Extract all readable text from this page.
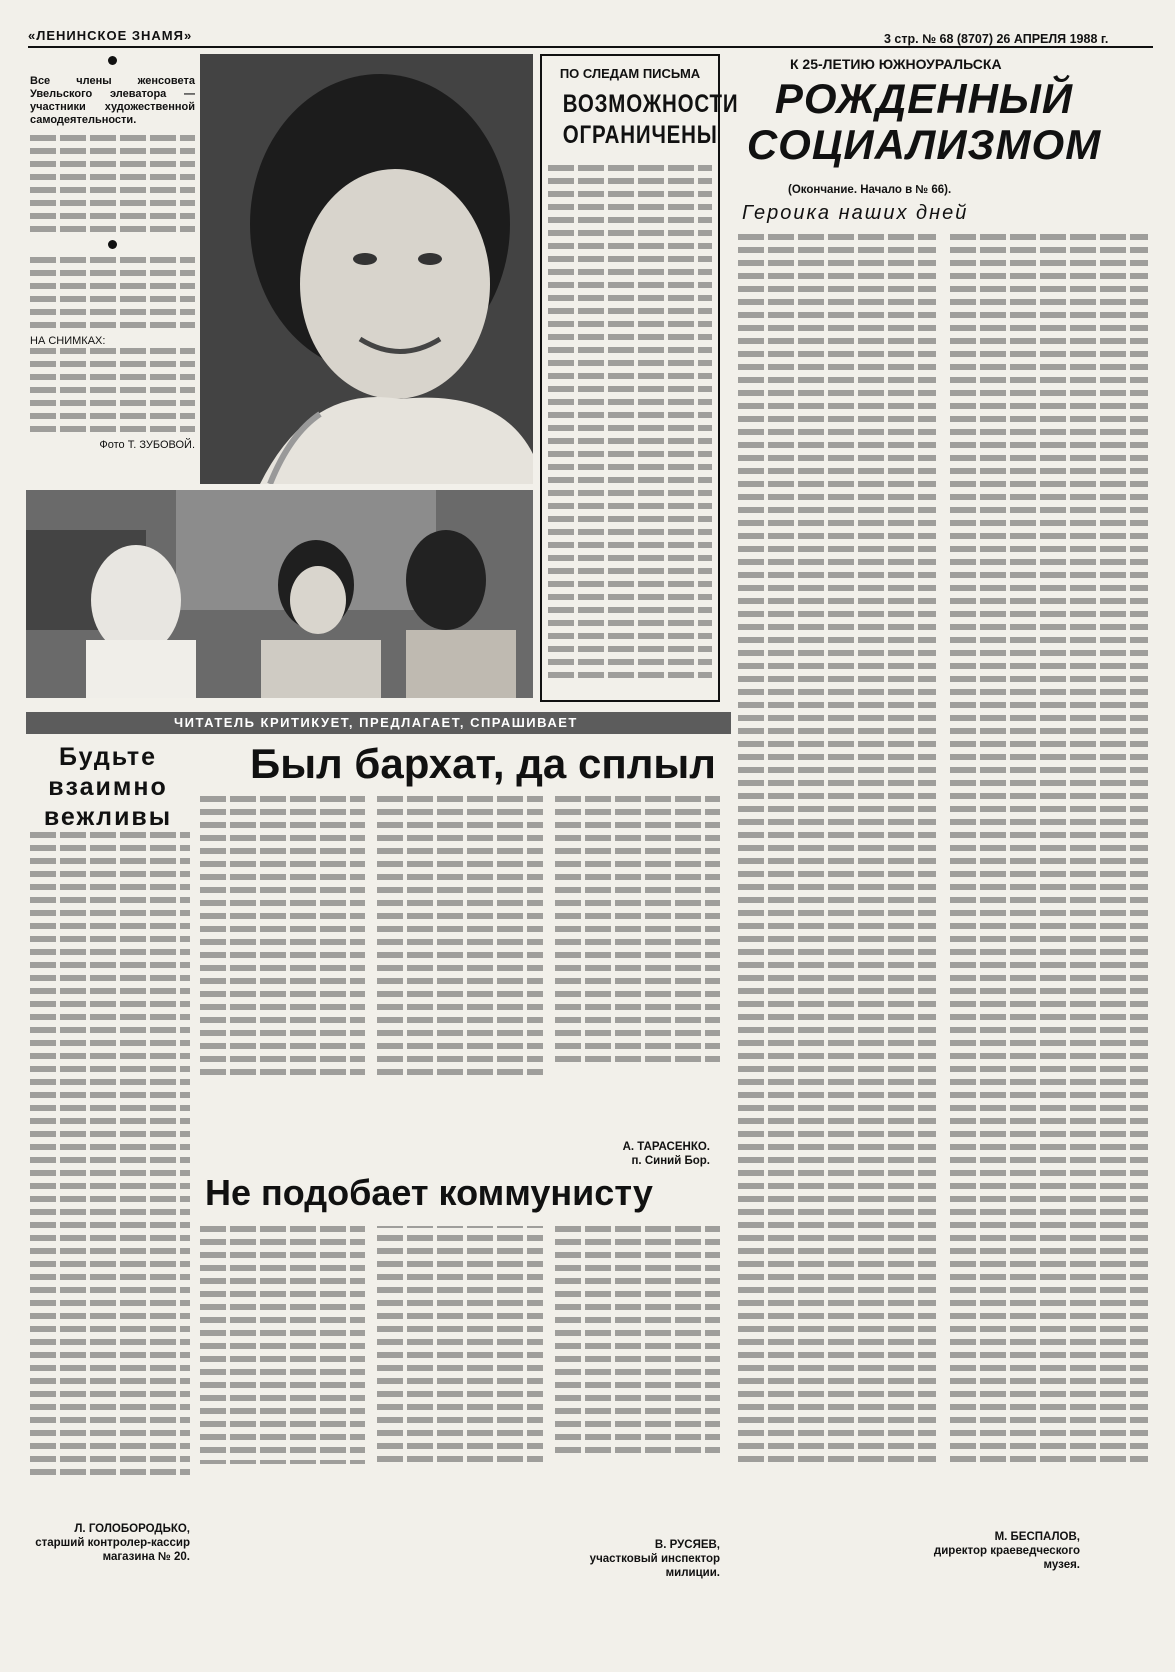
«ЛЕНИНСКОЕ ЗНАМЯ»	3 стр. № 68 (8707) 26 АПРЕЛЯ 1988 г.
Все члены женсовета Увельского элеватора — участники художественной самодеятельности.
НА СНИМКАХ:
Фото Т. ЗУБОВОЙ.
ПО СЛЕДАМ ПИСЬМА
ВОЗМОЖНОСТИ ОГРАНИЧЕНЫ
К 25-ЛЕТИЮ ЮЖНОУРАЛЬСКА
РОЖДЕННЫЙ СОЦИАЛИЗМОМ
(Окончание. Начало в № 66).
Героика наших дней
М. БЕСПАЛОВ,
директор краеведческого музея.
ЧИТАТЕЛЬ КРИТИКУЕТ, ПРЕДЛАГАЕТ, СПРАШИВАЕТ
Будьте взаимно вежливы
Л. ГОЛОБОРОДЬКО,
старший контролер-кассир магазина № 20.
Был бархат, да сплыл
А. ТАРАСЕНКО.
п. Синий Бор.
Не подобает коммунисту
В. РУСЯЕВ,
участковый инспектор милиции.
